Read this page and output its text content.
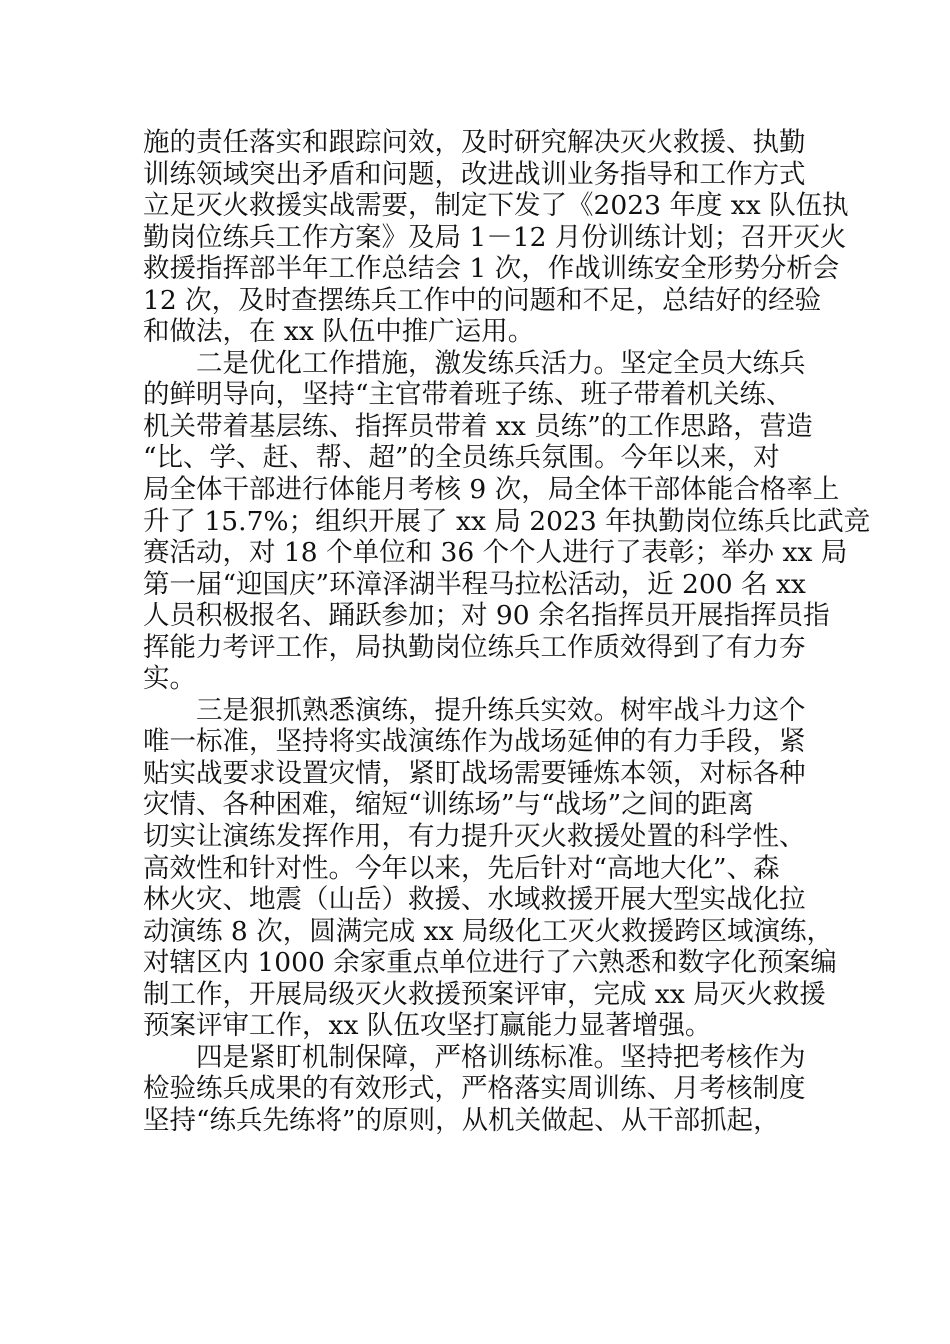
施的责任落实和跟踪问效，及时研究解决灭火救援、执勤
训练领域突出矛盾和问题，改进战训业务指导和工作方式
立足灭火救援实战需要，制定下发了《2023 年度 xx 队伍执
勤岗位练兵工作方案》及局 1－12 月份训练计划；召开灭火
救援指挥部半年工作总结会 1 次，作战训练安全形势分析会
12 次，及时查摆练兵工作中的问题和不足，总结好的经验
和做法，在 xx 队伍中推广运用。
二是优化工作措施，激发练兵活力。坚定全员大练兵
的鲜明导向，坚持“主官带着班子练、班子带着机关练、
机关带着基层练、指挥员带着 xx 员练”的工作思路，营造
“比、学、赶、帮、超”的全员练兵氛围。今年以来，对
局全体干部进行体能月考核 9 次，局全体干部体能合格率上
升了 15.7%；组织开展了 xx 局 2023 年执勤岗位练兵比武竞
赛活动，对 18 个单位和 36 个个人进行了表彰；举办 xx 局
第一届“迎国庆”环漳泽湖半程马拉松活动，近 200 名 xx
人员积极报名、踊跃参加；对 90 余名指挥员开展指挥员指
挥能力考评工作，局执勤岗位练兵工作质效得到了有力夯
实。
三是狠抓熟悉演练，提升练兵实效。树牢战斗力这个
唯一标准，坚持将实战演练作为战场延伸的有力手段，紧
贴实战要求设置灾情，紧盯战场需要锤炼本领，对标各种
灾情、各种困难，缩短“训练场”与“战场”之间的距离
切实让演练发挥作用，有力提升灭火救援处置的科学性、
高效性和针对性。今年以来，先后针对“高地大化”、森
林火灾、地震（山岳）救援、水域救援开展大型实战化拉
动演练 8 次，圆满完成 xx 局级化工灭火救援跨区域演练，
对辖区内 1000 余家重点单位进行了六熟悉和数字化预案编
制工作，开展局级灭火救援预案评审，完成 xx 局灭火救援
预案评审工作，xx 队伍攻坚打赢能力显著增强。
四是紧盯机制保障，严格训练标准。坚持把考核作为
检验练兵成果的有效形式，严格落实周训练、月考核制度
坚持“练兵先练将”的原则，从机关做起、从干部抓起，
